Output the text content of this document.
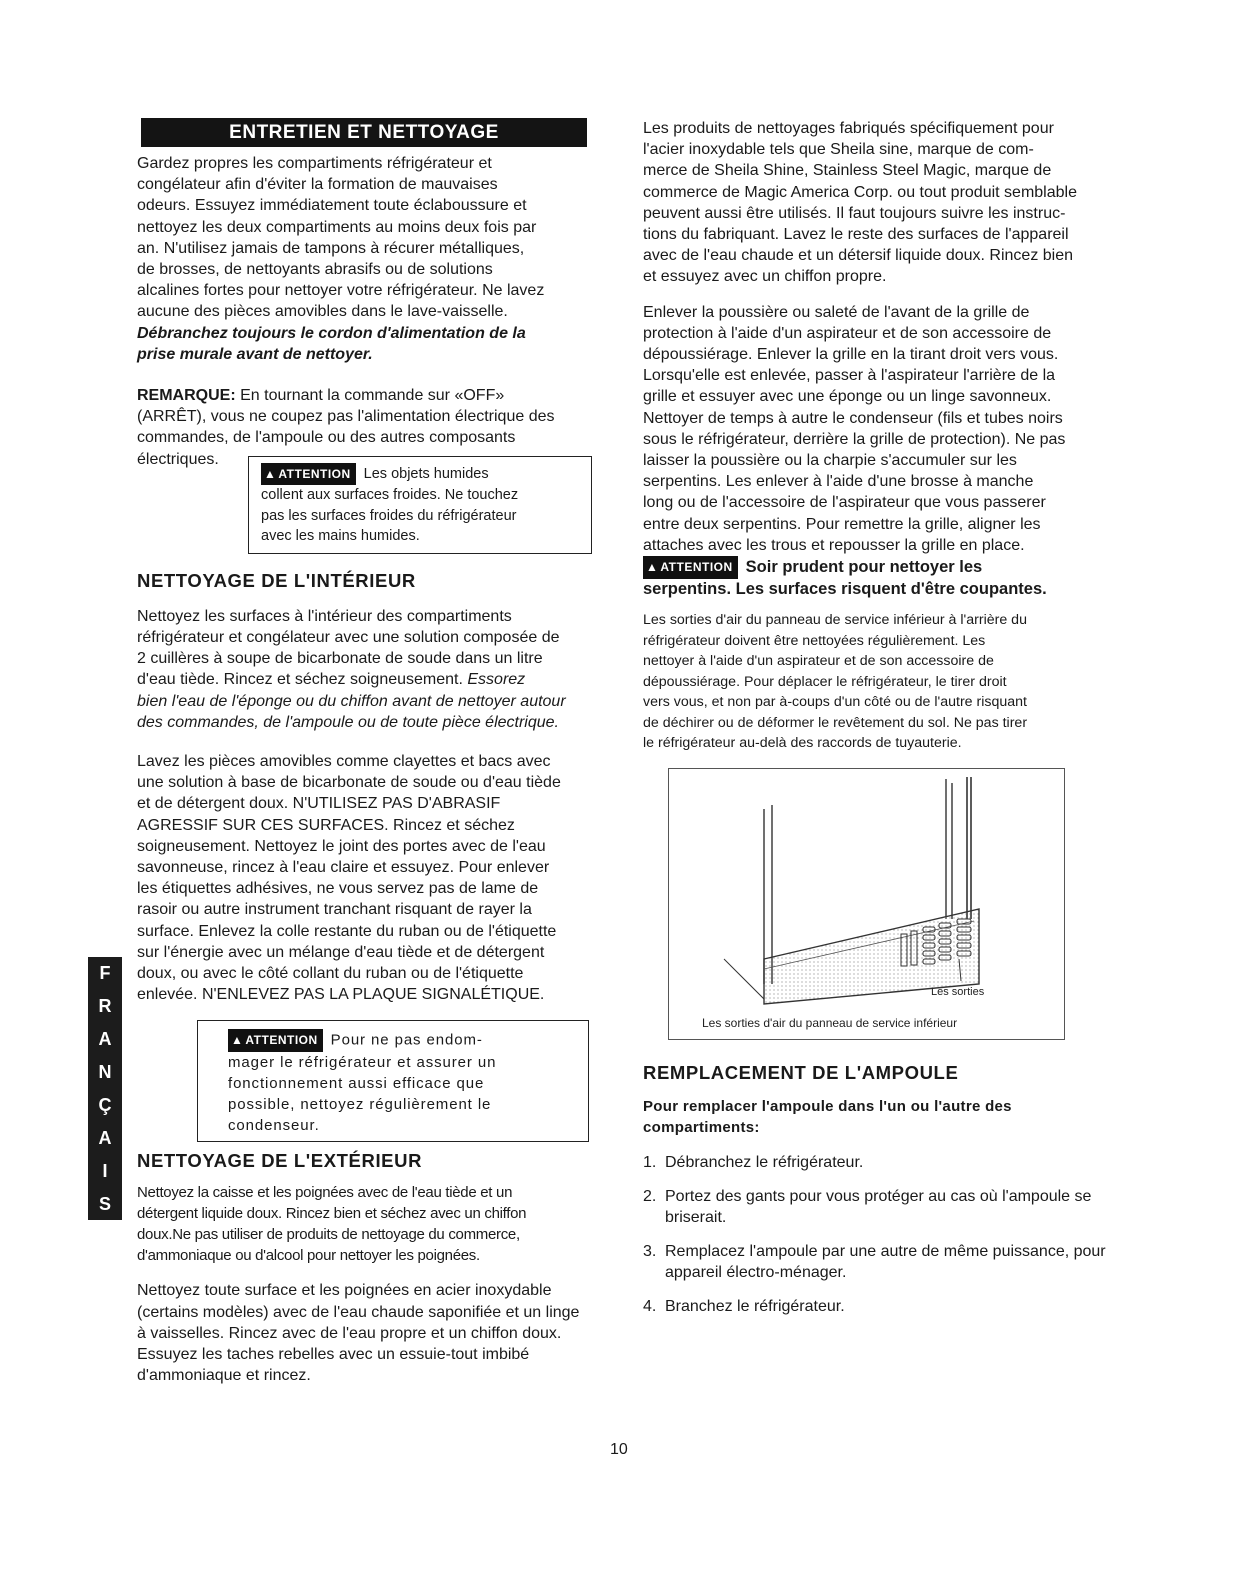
F
R
A
N
Ç
A
I
S
ENTRETIEN ET NETTOYAGE

Gardez propres les compartiments réfrigérateur et

congélateur afin d'éviter la formation de mauvaises

odeurs. Essuyez immédiatement toute éclaboussure et

nettoyez les deux compartiments au moins deux fois par

an. N'utilisez jamais de tampons à récurer métalliques,

de brosses, de nettoyants abrasifs ou de solutions

alcalines fortes pour nettoyer votre réfrigérateur. Ne lavez

aucune des pièces amovibles dans le lave-vaisselle.

Débranchez toujours le cordon d'alimentation de la

prise murale avant de nettoyer.

REMARQUE: En tournant la commande sur «OFF»

(ARRÊT), vous ne coupez pas l'alimentation électrique des

commandes, de l'ampoule ou des autres composants

électriques.

▲ ATTENTION Les objets humides

collent aux surfaces froides. Ne touchez

pas les surfaces froides du réfrigérateur

avec les mains humides.

NETTOYAGE DE L'INTÉRIEUR

Nettoyez les surfaces à l'intérieur des compartiments

réfrigérateur et congélateur avec une solution composée de

2 cuillères à soupe de bicarbonate de soude dans un litre

d'eau tiède. Rincez et séchez soigneusement. Essorez

bien l'eau de l'éponge ou du chiffon avant de nettoyer autour

des commandes, de l'ampoule ou de toute pièce électrique.

Lavez les pièces amovibles comme clayettes et bacs avec

une solution à base de bicarbonate de soude ou d'eau tiède

et de détergent doux. N'UTILISEZ PAS D'ABRASIF

AGRESSIF SUR CES SURFACES. Rincez et séchez

soigneusement. Nettoyez le joint des portes avec de l'eau

savonneuse, rincez à l'eau claire et essuyez. Pour enlever

les étiquettes adhésives, ne vous servez pas de lame de

rasoir ou autre instrument tranchant risquant de rayer la

surface. Enlevez la colle restante du ruban ou de l'étiquette

sur l'énergie avec un mélange d'eau tiède et de détergent

doux, ou avec le côté collant du ruban ou de l'étiquette

enlevée. N'ENLEVEZ PAS LA PLAQUE SIGNALÉTIQUE.

▲ ATTENTION Pour ne pas endom-

mager le réfrigérateur et assurer un

fonctionnement aussi efficace que

possible, nettoyez régulièrement le

condenseur.

NETTOYAGE DE L'EXTÉRIEUR

Nettoyez la caisse et les poignées avec de l'eau tiède et un

détergent liquide doux. Rincez bien et séchez avec un chiffon

doux.Ne pas utiliser de produits de nettoyage du commerce,

d'ammoniaque ou d'alcool pour nettoyer les poignées.

Nettoyez toute surface et les poignées en acier inoxydable

(certains modèles) avec de l'eau chaude saponifiée et un linge

à vaisselles. Rincez avec de l'eau propre et un chiffon doux.

Essuyez les taches rebelles avec un essuie-tout imbibé

d'ammoniaque et rincez.

Les produits de nettoyages fabriqués spécifiquement pour

l'acier inoxydable tels que Sheila sine, marque de com-

merce de Sheila Shine, Stainless Steel Magic, marque de

commerce de Magic America Corp. ou tout produit semblable

peuvent aussi être utilisés. Il faut toujours suivre les instruc-

tions du fabriquant. Lavez le reste des surfaces de l'appareil

avec de l'eau chaude et un détersif liquide doux. Rincez bien

et essuyez avec un chiffon propre.

Enlever la poussière ou saleté de l'avant de la grille de

protection à l'aide d'un aspirateur et de son accessoire de

dépoussiérage. Enlever la grille en la tirant droit vers vous.

Lorsqu'elle est enlevée, passer à l'aspirateur l'arrière de la

grille et essuyer avec une éponge ou un linge savonneux.

Nettoyer de temps à autre le condenseur (fils et tubes noirs

sous le réfrigérateur, derrière la grille de protection). Ne pas

laisser la poussière ou la charpie s'accumuler sur les

serpentins. Les enlever à l'aide d'une brosse à manche

long ou de l'accessoire de l'aspirateur que vous passerer

entre deux serpentins. Pour remettre la grille, aligner les

attaches avec les trous et repousser la grille en place.

▲ ATTENTION Soir prudent pour nettoyer les

serpentins. Les surfaces risquent d'être coupantes.

Les sorties d'air du panneau de service inférieur à l'arrière du

réfrigérateur doivent être nettoyées régulièrement. Les

nettoyer à l'aide d'un aspirateur et de son accessoire de

dépoussiérage. Pour déplacer le réfrigérateur, le tirer droit

vers vous, et non par à-coups d'un côté ou de l'autre risquant

de déchirer ou de déformer le revêtement du sol. Ne pas tirer

le réfrigérateur au-delà des raccords de tuyauterie.

Les sorties
Les sorties d'air du panneau de service inférieur
REMPLACEMENT DE L'AMPOULE

Pour remplacer l'ampoule dans l'un ou l'autre des

compartiments:

1. Débranchez le réfrigérateur.
2. Portez des gants pour vous protéger au cas où l'ampoule se briserait.
3. Remplacez l'ampoule par une autre de même puissance, pour appareil électro-ménager.
4. Branchez le réfrigérateur.
10
